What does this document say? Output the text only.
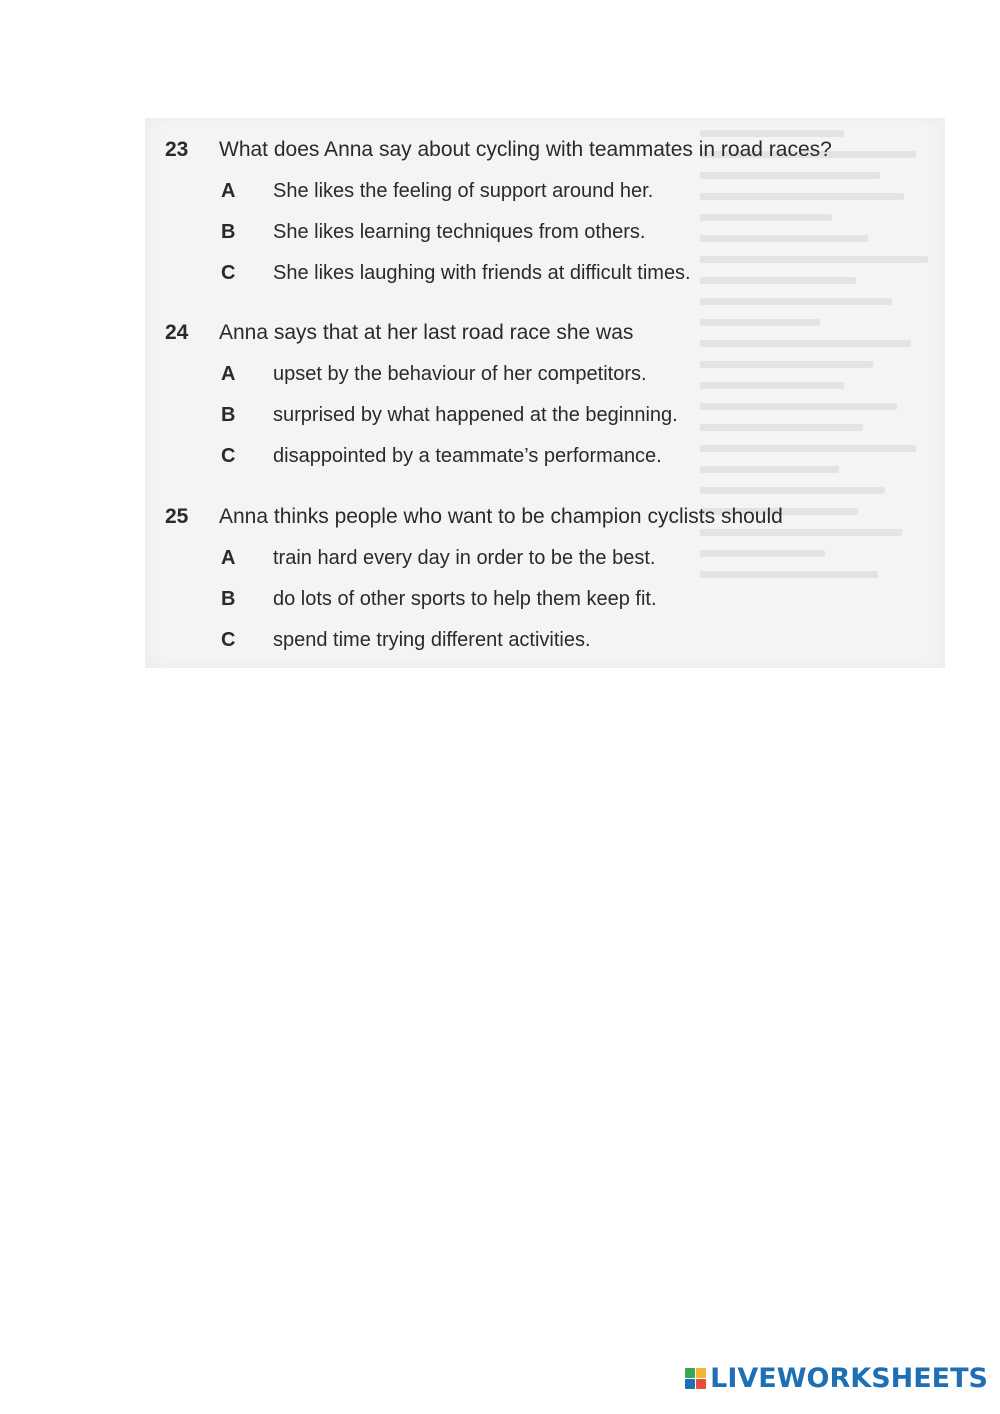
23	What does Anna say about cycling with teammates in road races?
A	She likes the feeling of support around her.
B	She likes learning techniques from others.
C	She likes laughing with friends at difficult times.
24	Anna says that at her last road race she was
A	upset by the behaviour of her competitors.
B	surprised by what happened at the beginning.
C	disappointed by a teammate’s performance.
25	Anna thinks people who want to be champion cyclists should
A	train hard every day in order to be the best.
B	do lots of other sports to help them keep fit.
C	spend time trying different activities.
LIVEWORKSHEETS
